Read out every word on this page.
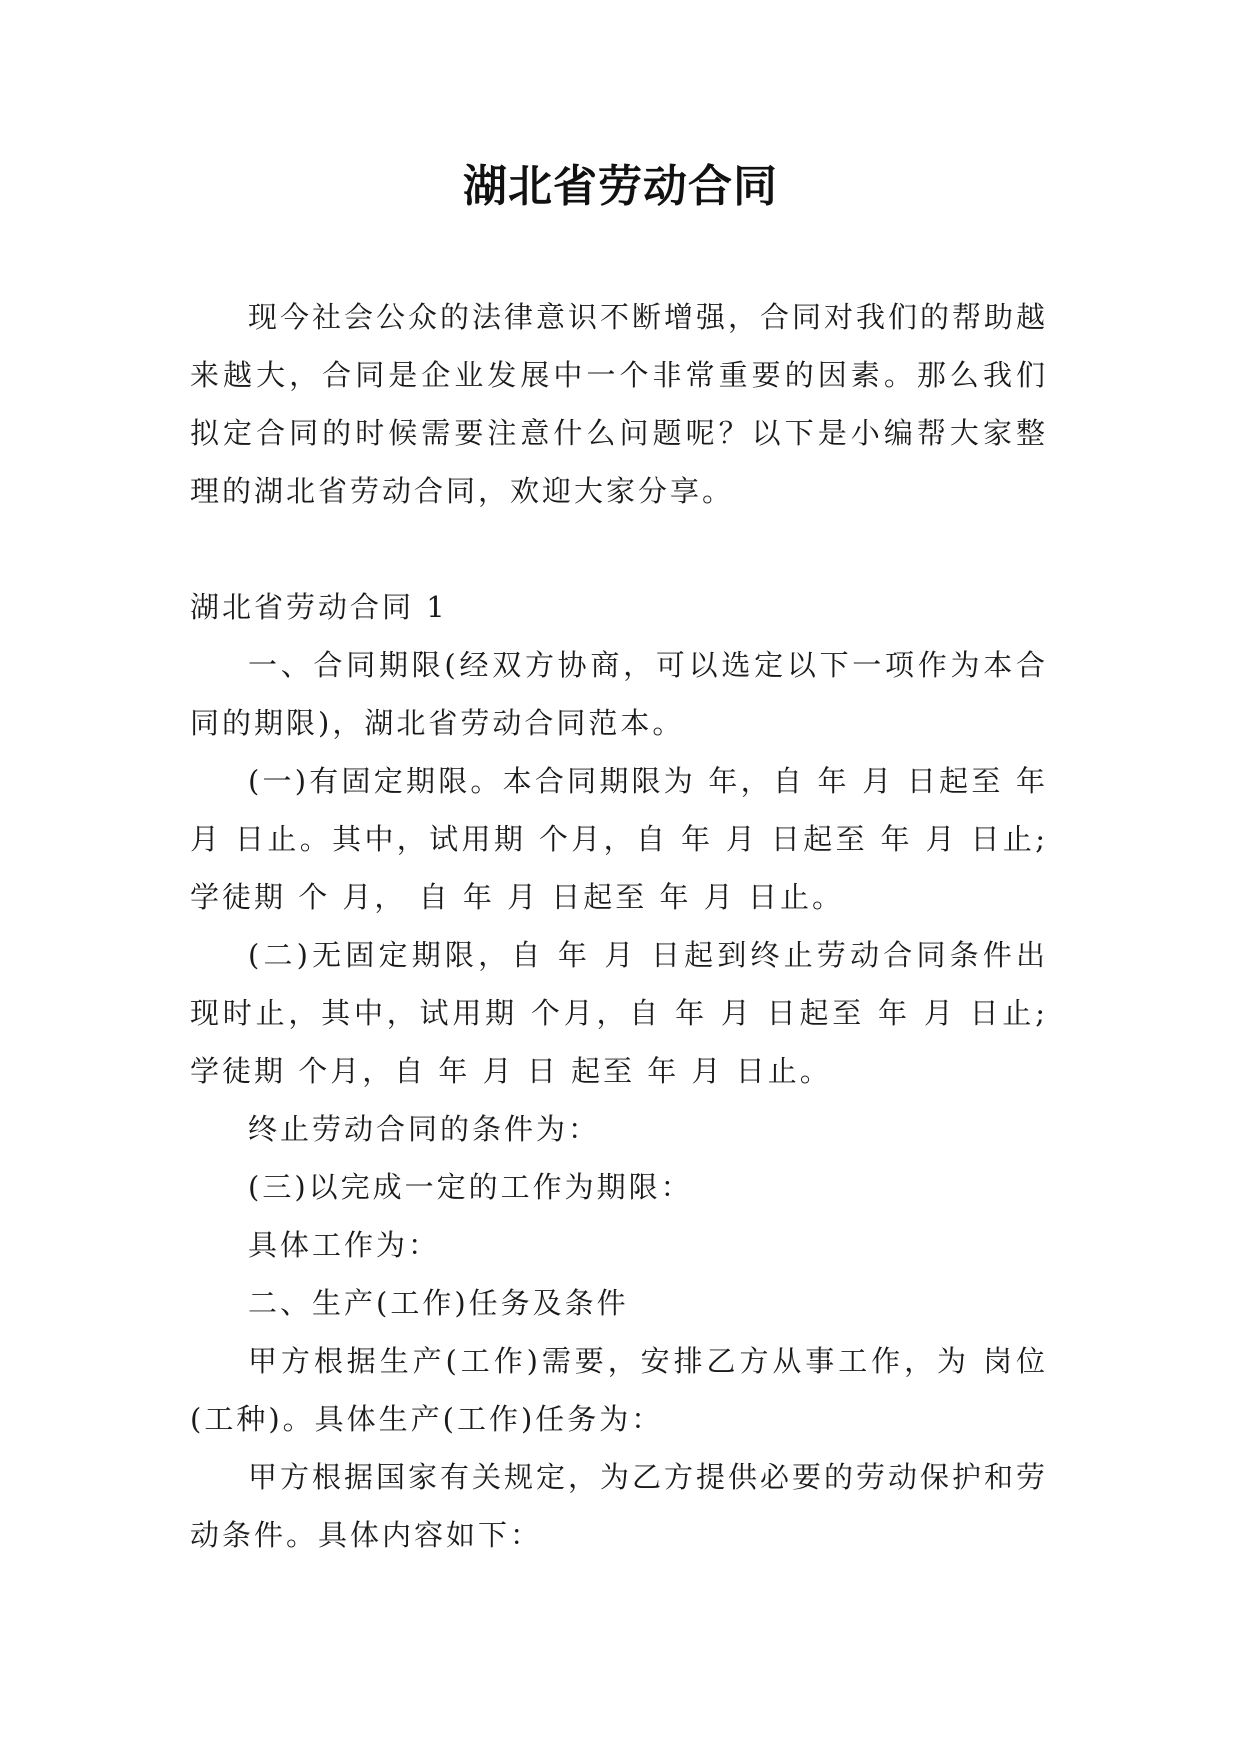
湖北省劳动合同

现今社会公众的法律意识不断增强，合同对我们的帮助越来越大，合同是企业发展中一个非常重要的因素。那么我们拟定合同的时候需要注意什么问题呢？以下是小编帮大家整理的湖北省劳动合同，欢迎大家分享。

湖北省劳动合同 1

一、合同期限(经双方协商，可以选定以下一项作为本合同的期限)，湖北省劳动合同范本。

(一)有固定期限。本合同期限为 年，自 年 月 日起至 年 月 日止。其中，试用期 个月，自 年 月 日起至 年 月 日止;学徒期 个 月， 自 年 月 日起至 年 月 日止。

(二)无固定期限，自 年 月 日起到终止劳动合同条件出现时止，其中，试用期 个月，自 年 月 日起至 年 月 日止;学徒期 个月，自 年 月 日 起至 年 月 日止。

终止劳动合同的条件为：

(三)以完成一定的工作为期限：

具体工作为：

二、生产(工作)任务及条件

甲方根据生产(工作)需要，安排乙方从事工作，为 岗位(工种)。具体生产(工作)任务为：

甲方根据国家有关规定，为乙方提供必要的劳动保护和劳动条件。具体内容如下：
